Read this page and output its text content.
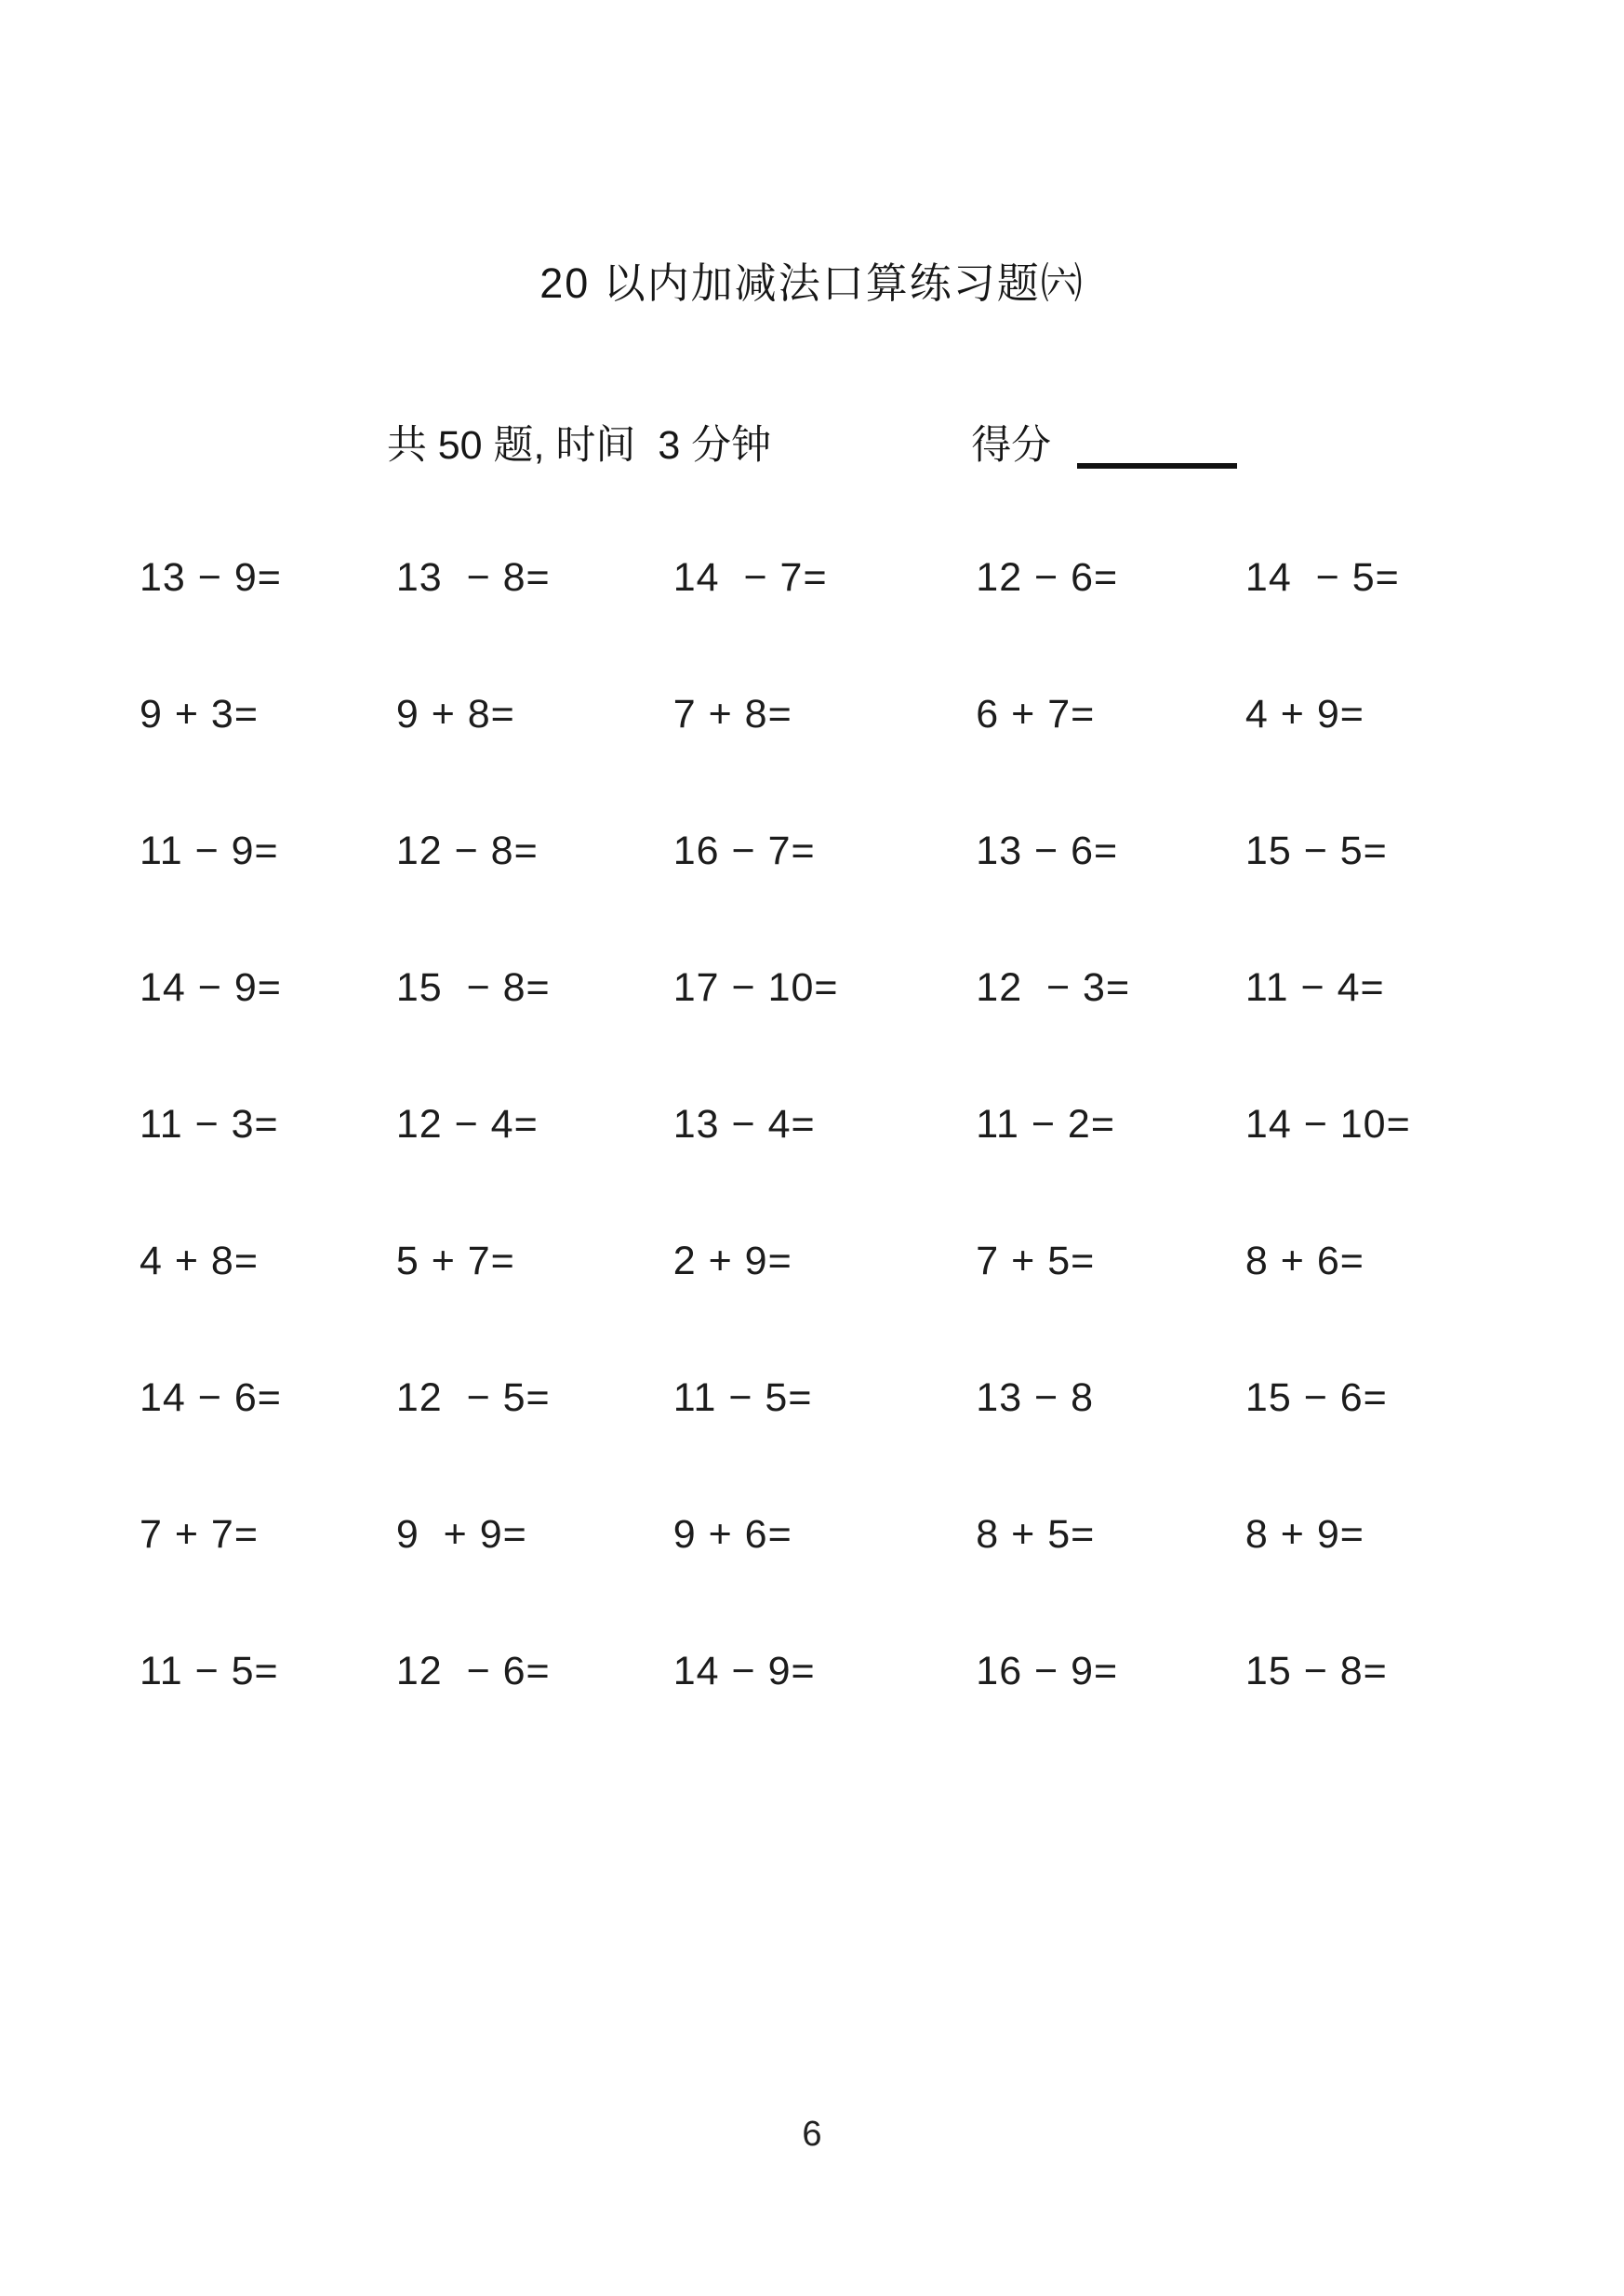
20 以内加减法口算练习题㈥
共 50 题, 时间  3 分钟	得分
13 − 9=	13  − 8=	14  − 7=	12 − 6=	14  − 5=
9 + 3=	9 + 8=	7 + 8=	6 + 7=	4 + 9=
11 − 9=	12 − 8=	16 − 7=	13 − 6=	15 − 5=
14 − 9=	15  − 8=	17 − 10=	12  − 3=	11 − 4=
11 − 3=	12 − 4=	13 − 4=	11 − 2=	14 − 10=
4 + 8=	5 + 7=	2 + 9=	7 + 5=	8 + 6=
14 − 6=	12  − 5=	11 − 5=	13 − 8	15 − 6=
7 + 7=	9  + 9=	9 + 6=	8 + 5=	8 + 9=
11 − 5=	12  − 6=	14 − 9=	16 − 9=	15 − 8=
6
